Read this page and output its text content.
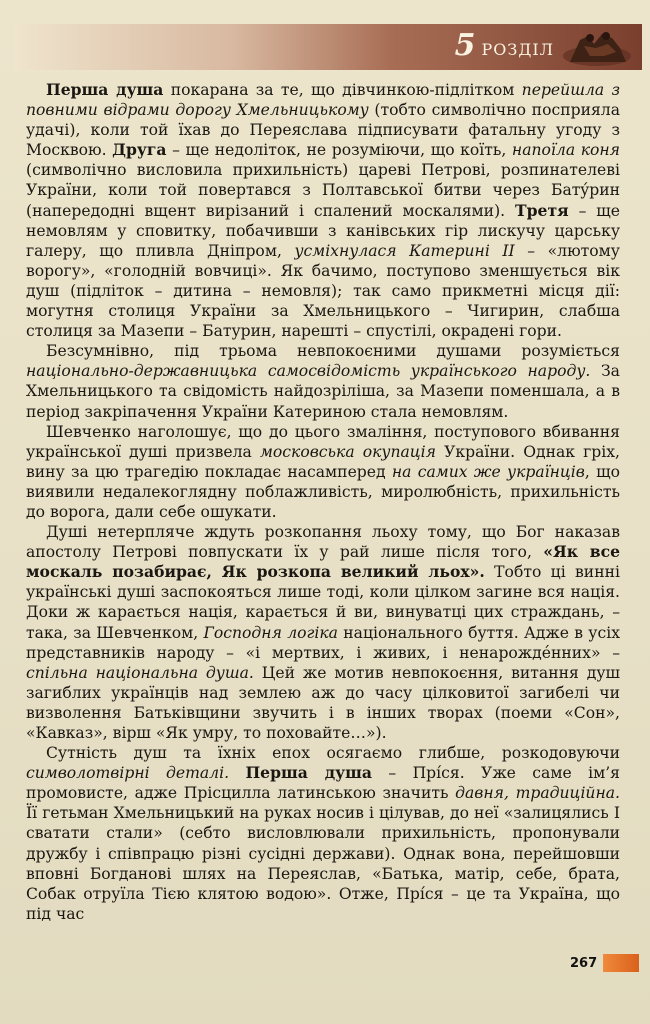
5 РОЗДІЛ

Перша душа покарана за те, що дівчинкою-підлітком перейшла з повними відрами дорогу Хмельницькому (тобто символічно посприяла удачі), коли той їхав до Переяслава підписувати фатальну угоду з Москвою. Друга – ще недоліток, не розуміючи, що коїть, напоїла коня (символічно висловила прихильність) цареві Петрові, розпинателеві України, коли той повертався з Полтавської битви через Батýрин (напередодні вщент вирізаний і спалений москалями). Третя – ще немовлям у сповитку, побачивши з канівських гір лискучу царську галеру, що пливла Дніпром, усміхнулася Катерині II – «лютому ворогу», «голодній вовчиці». Як бачимо, поступово зменшується вік душ (підліток – дитина – немовля); так само прикметні місця дії: могутня столиця України за Хмельницького – Чигирин, слабша столиця за Мазепи – Батурин, нарешті – спустілі, окрадені гори.

Безсумнівно, під трьома невпокоєними душами розуміється національно-державницька самосвідомість українського народу. За Хмельницького та свідомість найдозріліша, за Мазепи поменшала, а в період закріпачення України Катериною стала немовлям.

Шевченко наголошує, що до цього змаління, поступового вбивання української душі призвела московська окупація України. Однак гріх, вину за цю трагедію покладає насамперед на самих же українців, що виявили недалекоглядну поблажливість, миролюбність, прихильність до ворога, дали себе ошукати.

Душі нетерпляче ждуть розкопання льоху тому, що Бог наказав апостолу Петрові повпускати їх у рай лише після того, «Як все москаль позабирає, Як розкопа великий льох». Тобто ці винні українські душі заспокояться лише тоді, коли цілком загине вся нація. Доки ж карається нація, карається й ви, винуватці цих страждань, – така, за Шевченком, Господня логіка національного буття. Адже в усіх представників народу – «і мертвих, і живих, і ненарожде́нних» – спільна національна душа. Цей же мотив невпокоєння, витання душ загиблих українців над землею аж до часу цілковитої загибелі чи визволення Батьківщини звучить і в інших творах (поеми «Сон», «Кавказ», вірш «Як умру, то поховайте…»).

Сутність душ та їхніх епох осягаємо глибше, розкодовуючи символотвірні деталі. Перша душа – Прíся. Уже саме ім’я промовисте, адже Прісцилла латинською значить давня, традиційна. Її гетьман Хмельницький на руках носив і цілував, до неї «залицялись І сватати стали» (себто висловлювали прихильність, пропонували дружбу і співпрацю різні сусідні держави). Однак вона, перейшовши вповні Богданові шлях на Переяслав, «Батька, матір, себе, брата, Собак отруїла Тією клятою водою». Отже, Прíся – це та Україна, що під час

267
